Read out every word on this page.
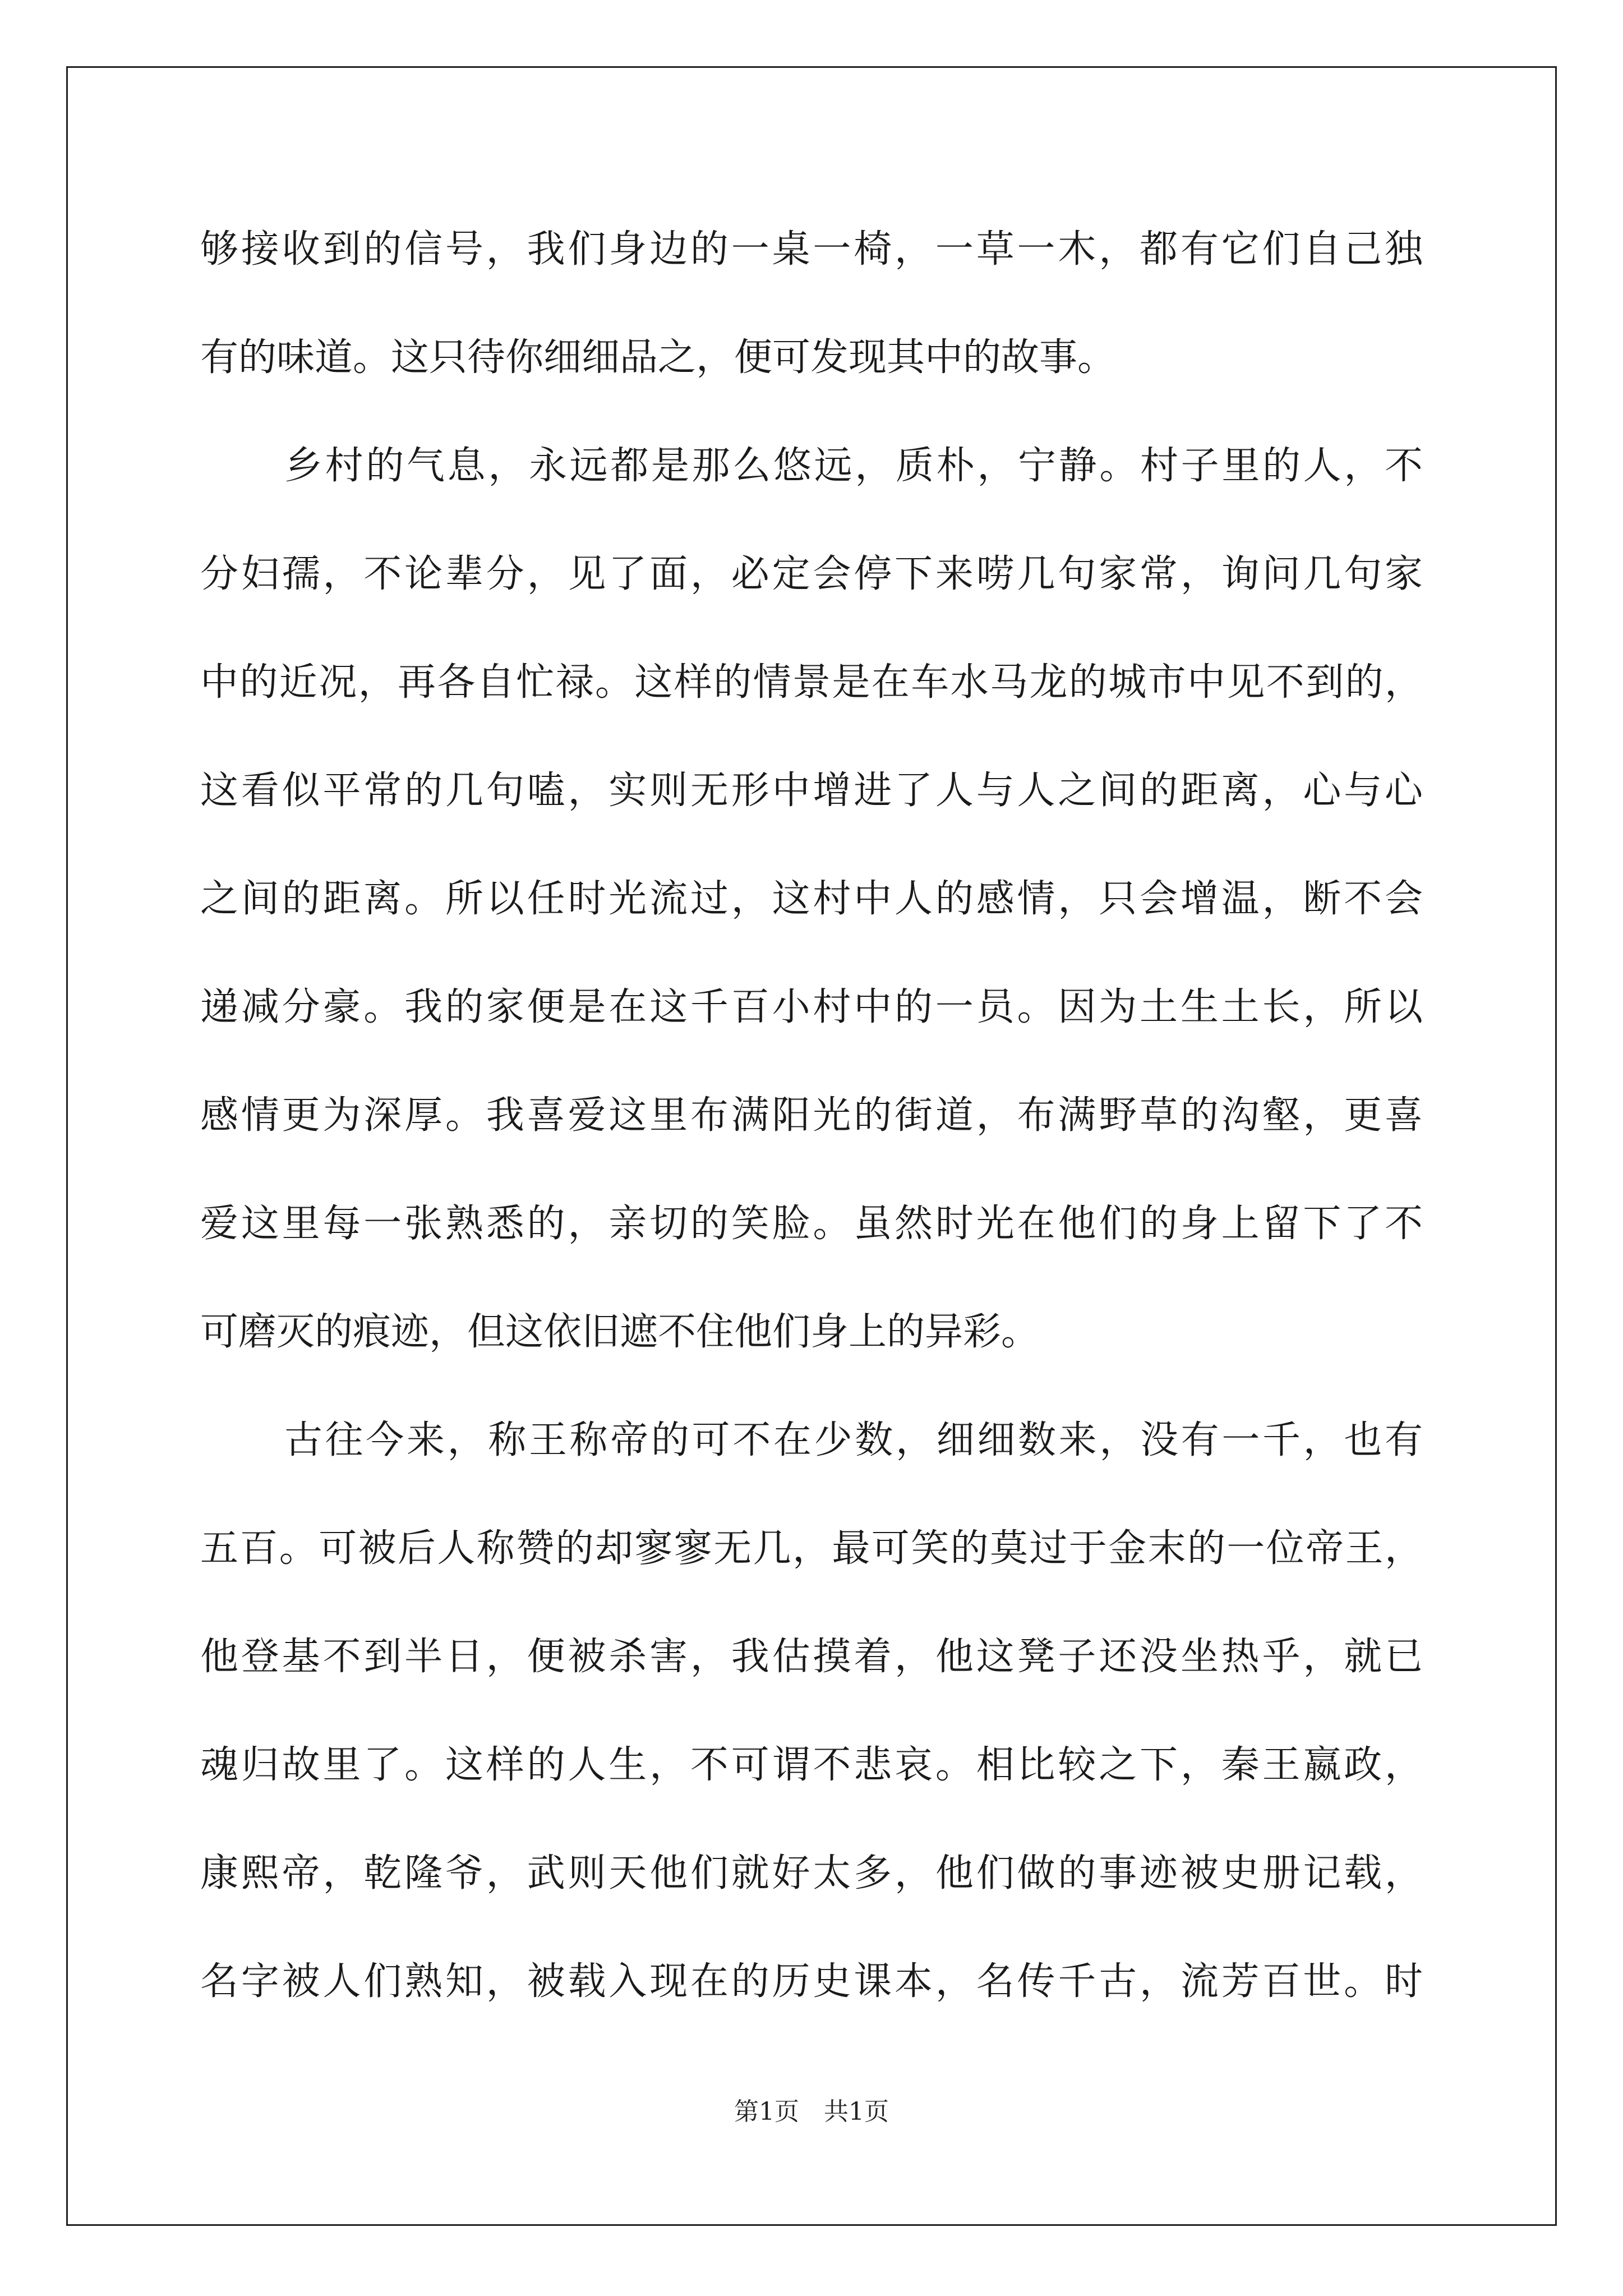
够接收到的信号，我们身边的一桌一椅，一草一木，都有它们自己独
有的味道。这只待你细细品之，便可发现其中的故事。
乡村的气息，永远都是那么悠远，质朴，宁静。村子里的人，不
分妇孺，不论辈分，见了面，必定会停下来唠几句家常，询问几句家
中的近况，再各自忙禄。这样的情景是在车水马龙的城市中见不到的，
这看似平常的几句嗑，实则无形中增进了人与人之间的距离，心与心
之间的距离。所以任时光流过，这村中人的感情，只会增温，断不会
递减分豪。我的家便是在这千百小村中的一员。因为土生土长，所以
感情更为深厚。我喜爱这里布满阳光的街道，布满野草的沟壑，更喜
爱这里每一张熟悉的，亲切的笑脸。虽然时光在他们的身上留下了不
可磨灭的痕迹，但这依旧遮不住他们身上的异彩。
古往今来，称王称帝的可不在少数，细细数来，没有一千，也有
五百。可被后人称赞的却寥寥无几，最可笑的莫过于金末的一位帝王，
他登基不到半日，便被杀害，我估摸着，他这凳子还没坐热乎，就已
魂归故里了。这样的人生，不可谓不悲哀。相比较之下，秦王嬴政，
康熙帝，乾隆爷，武则天他们就好太多，他们做的事迹被史册记载，
名字被人们熟知，被载入现在的历史课本，名传千古，流芳百世。时
第1页　共1页
